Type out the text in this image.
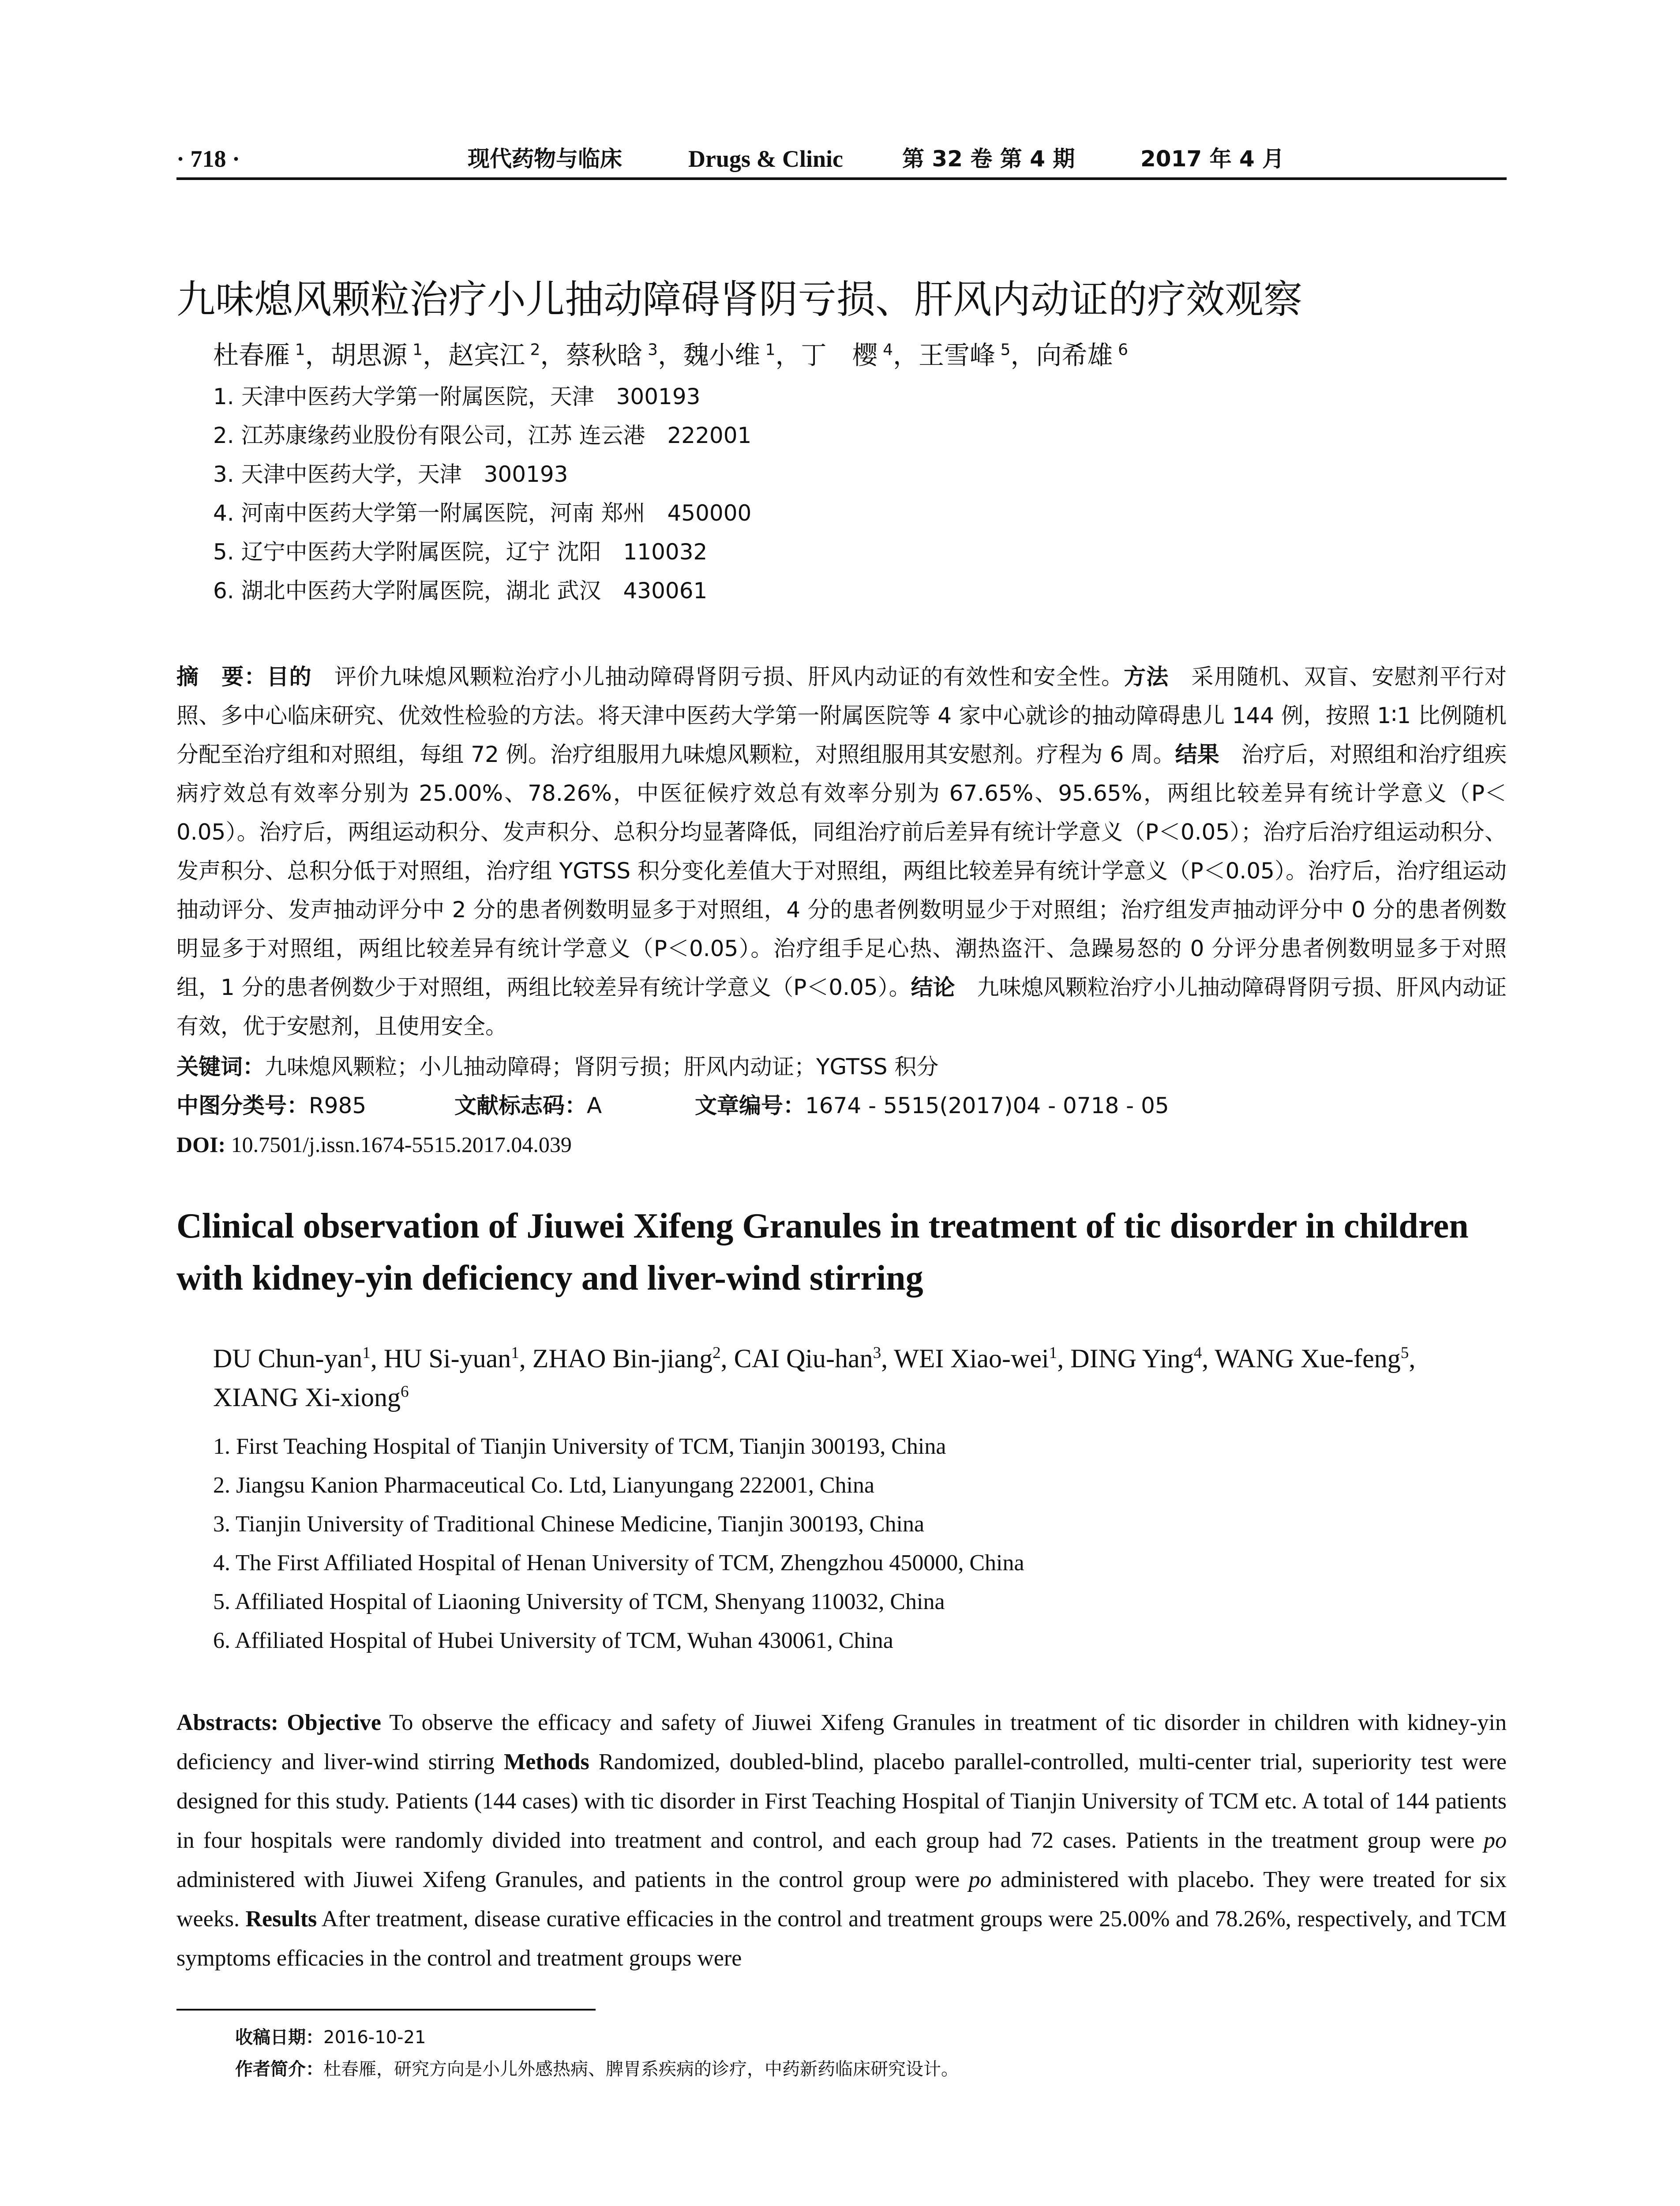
· 718 ·	现代药物与临床	Drugs & Clinic	第 32 卷 第 4 期	2017 年 4 月
九味熄风颗粒治疗小儿抽动障碍肾阴亏损、肝风内动证的疗效观察
杜春雁  $^1$，胡思源  $^1$，赵宾江  $^2$，蔡秋晗  $^3$，魏小维  $^1$，丁　樱  $^4$，王雪峰  $^5$，向希雄  $^6$
1. 天津中医药大学第一附属医院，天津　300193
2. 江苏康缘药业股份有限公司，江苏 连云港　222001
3. 天津中医药大学，天津　300193
4. 河南中医药大学第一附属医院，河南 郑州　450000
5. 辽宁中医药大学附属医院，辽宁 沈阳　110032
6. 湖北中医药大学附属医院，湖北 武汉　430061

摘　要：目的　评价九味熄风颗粒治疗小儿抽动障碍肾阴亏损、肝风内动证的有效性和安全性。方法　采用随机、双盲、安慰剂平行对照、多中心临床研究、优效性检验的方法。将天津中医药大学第一附属医院等 4 家中心就诊的抽动障碍患儿 144 例，按照 1∶1 比例随机分配至治疗组和对照组，每组 72 例。治疗组服用九味熄风颗粒，对照组服用其安慰剂。疗程为 6 周。结果　治疗后，对照组和治疗组疾病疗效总有效率分别为 25.00%、78.26%，中医征候疗效总有效率分别为 67.65%、95.65%，两组比较差异有统计学意义（P＜0.05）。治疗后，两组运动积分、发声积分、总积分均显著降低，同组治疗前后差异有统计学意义（P＜0.05）；治疗后治疗组运动积分、发声积分、总积分低于对照组，治疗组 YGTSS 积分变化差值大于对照组，两组比较差异有统计学意义（P＜0.05）。治疗后，治疗组运动抽动评分、发声抽动评分中 2 分的患者例数明显多于对照组，4 分的患者例数明显少于对照组；治疗组发声抽动评分中 0 分的患者例数明显多于对照组，两组比较差异有统计学意义（P＜0.05）。治疗组手足心热、潮热盗汗、急躁易怒的 0 分评分患者例数明显多于对照组，1 分的患者例数少于对照组，两组比较差异有统计学意义（P＜0.05）。结论　九味熄风颗粒治疗小儿抽动障碍肾阴亏损、肝风内动证有效，优于安慰剂，且使用安全。

关键词：九味熄风颗粒；小儿抽动障碍；肾阴亏损；肝风内动证；YGTSS 积分
中图分类号：R985	文献标志码：A	文章编号：1674 - 5515(2017)04 - 0718 - 05
DOI: 10.7501/j.issn.1674-5515.2017.04.039
Clinical observation of Jiuwei Xifeng Granules in treatment of tic disorder in children with kidney-yin deficiency and liver-wind stirring
DU Chun-yan$^1$, HU Si-yuan$^1$, ZHAO Bin-jiang$^2$, CAI Qiu-han$^3$, WEI Xiao-wei$^1$, DING Ying$^4$, WANG Xue-feng$^5$, XIANG Xi-xiong$^6$
1. First Teaching Hospital of Tianjin University of TCM, Tianjin 300193, China
2. Jiangsu Kanion Pharmaceutical Co. Ltd, Lianyungang 222001, China
3. Tianjin University of Traditional Chinese Medicine, Tianjin 300193, China
4. The First Affiliated Hospital of Henan University of TCM, Zhengzhou 450000, China
5. Affiliated Hospital of Liaoning University of TCM, Shenyang 110032, China
6. Affiliated Hospital of Hubei University of TCM, Wuhan 430061, China

Abstracts: Objective To observe the efficacy and safety of Jiuwei Xifeng Granules in treatment of tic disorder in children with kidney-yin deficiency and liver-wind stirring Methods Randomized, doubled-blind, placebo parallel-controlled, multi-center trial, superiority test were designed for this study. Patients (144 cases) with tic disorder in First Teaching Hospital of Tianjin University of TCM etc. A total of 144 patients in four hospitals were randomly divided into treatment and control, and each group had 72 cases. Patients in the treatment group were po administered with Jiuwei Xifeng Granules, and patients in the control group were po administered with placebo. They were treated for six weeks. Results After treatment, disease curative efficacies in the control and treatment groups were 25.00% and 78.26%, respectively, and TCM symptoms efficacies in the control and treatment groups were

收稿日期：2016-10-21
作者简介：杜春雁，研究方向是小儿外感热病、脾胃系疾病的诊疗，中药新药临床研究设计。
